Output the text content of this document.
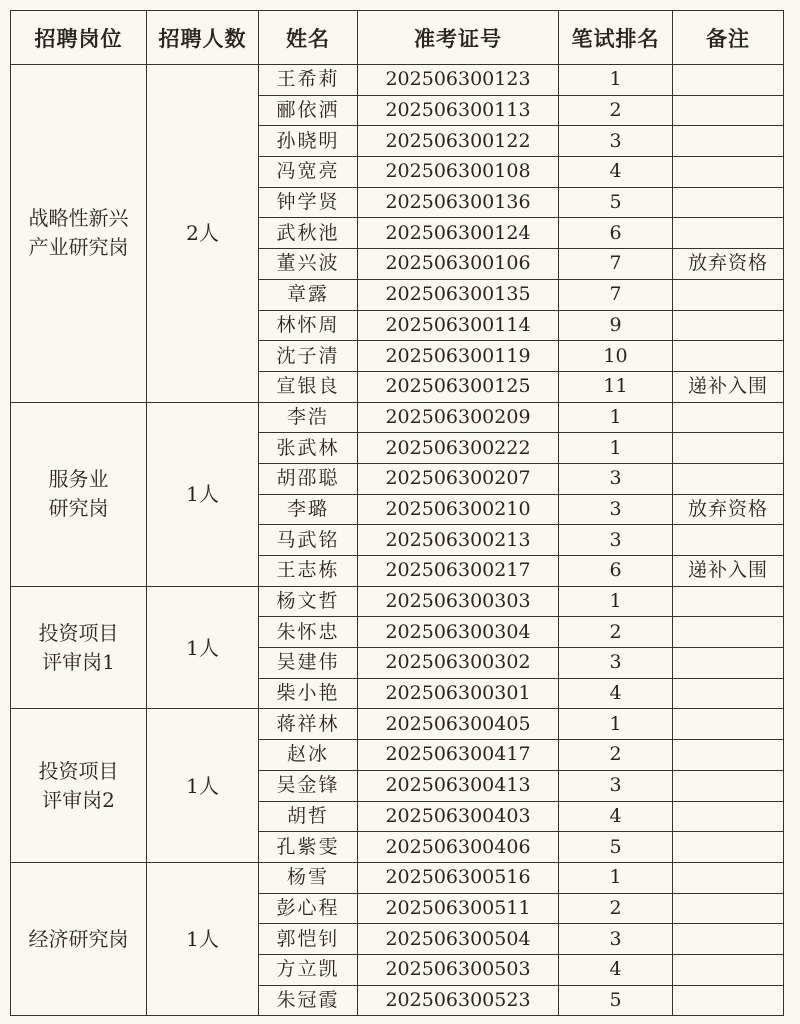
招聘岗位	招聘人数	姓名	准考证号	笔试排名	备注

战略性新兴
产业研究岗	2人	王希莉	202506300123	1	
		郦依洒	202506300113	2	
		孙晓明	202506300122	3	
		冯宽亮	202506300108	4	
		钟学贤	202506300136	5	
		武秋池	202506300124	6	
		董兴波	202506300106	7	放弃资格
		章露	202506300135	7	
		林怀周	202506300114	9	
		沈子清	202506300119	10	
		宣银良	202506300125	11	递补入围

服务业
研究岗	1人	李浩	202506300209	1	
		张武林	202506300222	1	
		胡邵聪	202506300207	3	
		李璐	202506300210	3	放弃资格
		马武铭	202506300213	3	
		王志栋	202506300217	6	递补入围

投资项目
评审岗1	1人	杨文哲	202506300303	1	
		朱怀忠	202506300304	2	
		吴建伟	202506300302	3	
		柴小艳	202506300301	4	

投资项目
评审岗2	1人	蒋祥林	202506300405	1	
		赵冰	202506300417	2	
		吴金锋	202506300413	3	
		胡哲	202506300403	4	
		孔紫雯	202506300406	5	

经济研究岗	1人	杨雪	202506300516	1	
		彭心程	202506300511	2	
		郭恺钊	202506300504	3	
		方立凯	202506300503	4	
		朱冠霞	202506300523	5	
